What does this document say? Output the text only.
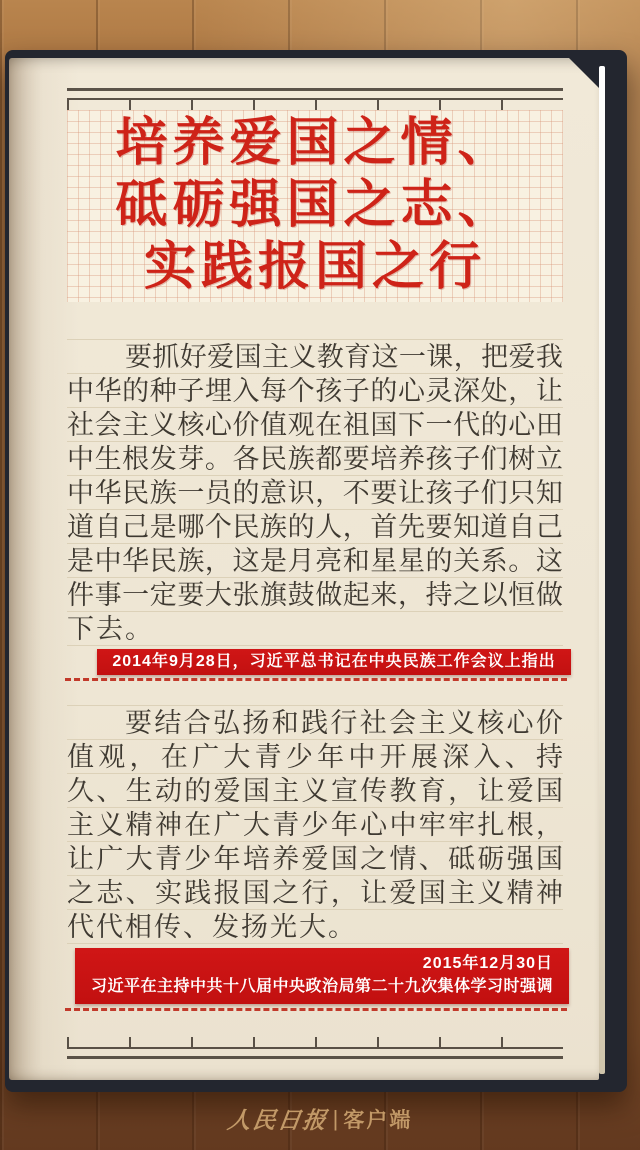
培养爱国之情、
砥砺强国之志、
实践报国之行
要 抓 好 爱 国 主 义 教 育 这 一 课 ， 把 爱 我
中 华 的 种 子 埋 入 每 个 孩 子 的 心 灵 深 处 ， 让
社 会 主 义 核 心 价 值 观 在 祖 国 下 一 代 的 心 田
中 生 根 发 芽 。 各 民 族 都 要 培 养 孩 子 们 树 立
中 华 民 族 一 员 的 意 识 ， 不 要 让 孩 子 们 只 知
道 自 己 是 哪 个 民 族 的 人 ， 首 先 要 知 道 自 己
是 中 华 民 族 ， 这 是 月 亮 和 星 星 的 关 系 。 这
件 事 一 定 要 大 张 旗 鼓 做 起 来 ， 持 之 以 恒 做
下 去 。
2014年9月28日，习近平总书记在中央民族工作会议上指出
要 结 合 弘 扬 和 践 行 社 会 主 义 核 心 价
值 观 ， 在 广 大 青 少 年 中 开 展 深 入 、 持
久 、 生 动 的 爱 国 主 义 宣 传 教 育 ， 让 爱 国
主 义 精 神 在 广 大 青 少 年 心 中 牢 牢 扎 根 ，
让 广 大 青 少 年 培 养 爱 国 之 情 、 砥 砺 强 国
之 志 、 实 践 报 国 之 行 ， 让 爱 国 主 义 精 神
代 代 相 传 、 发 扬 光 大 。
2015年12月30日
习近平在主持中共十八届中央政治局第二十九次集体学习时强调
人民日报 | 客户端
